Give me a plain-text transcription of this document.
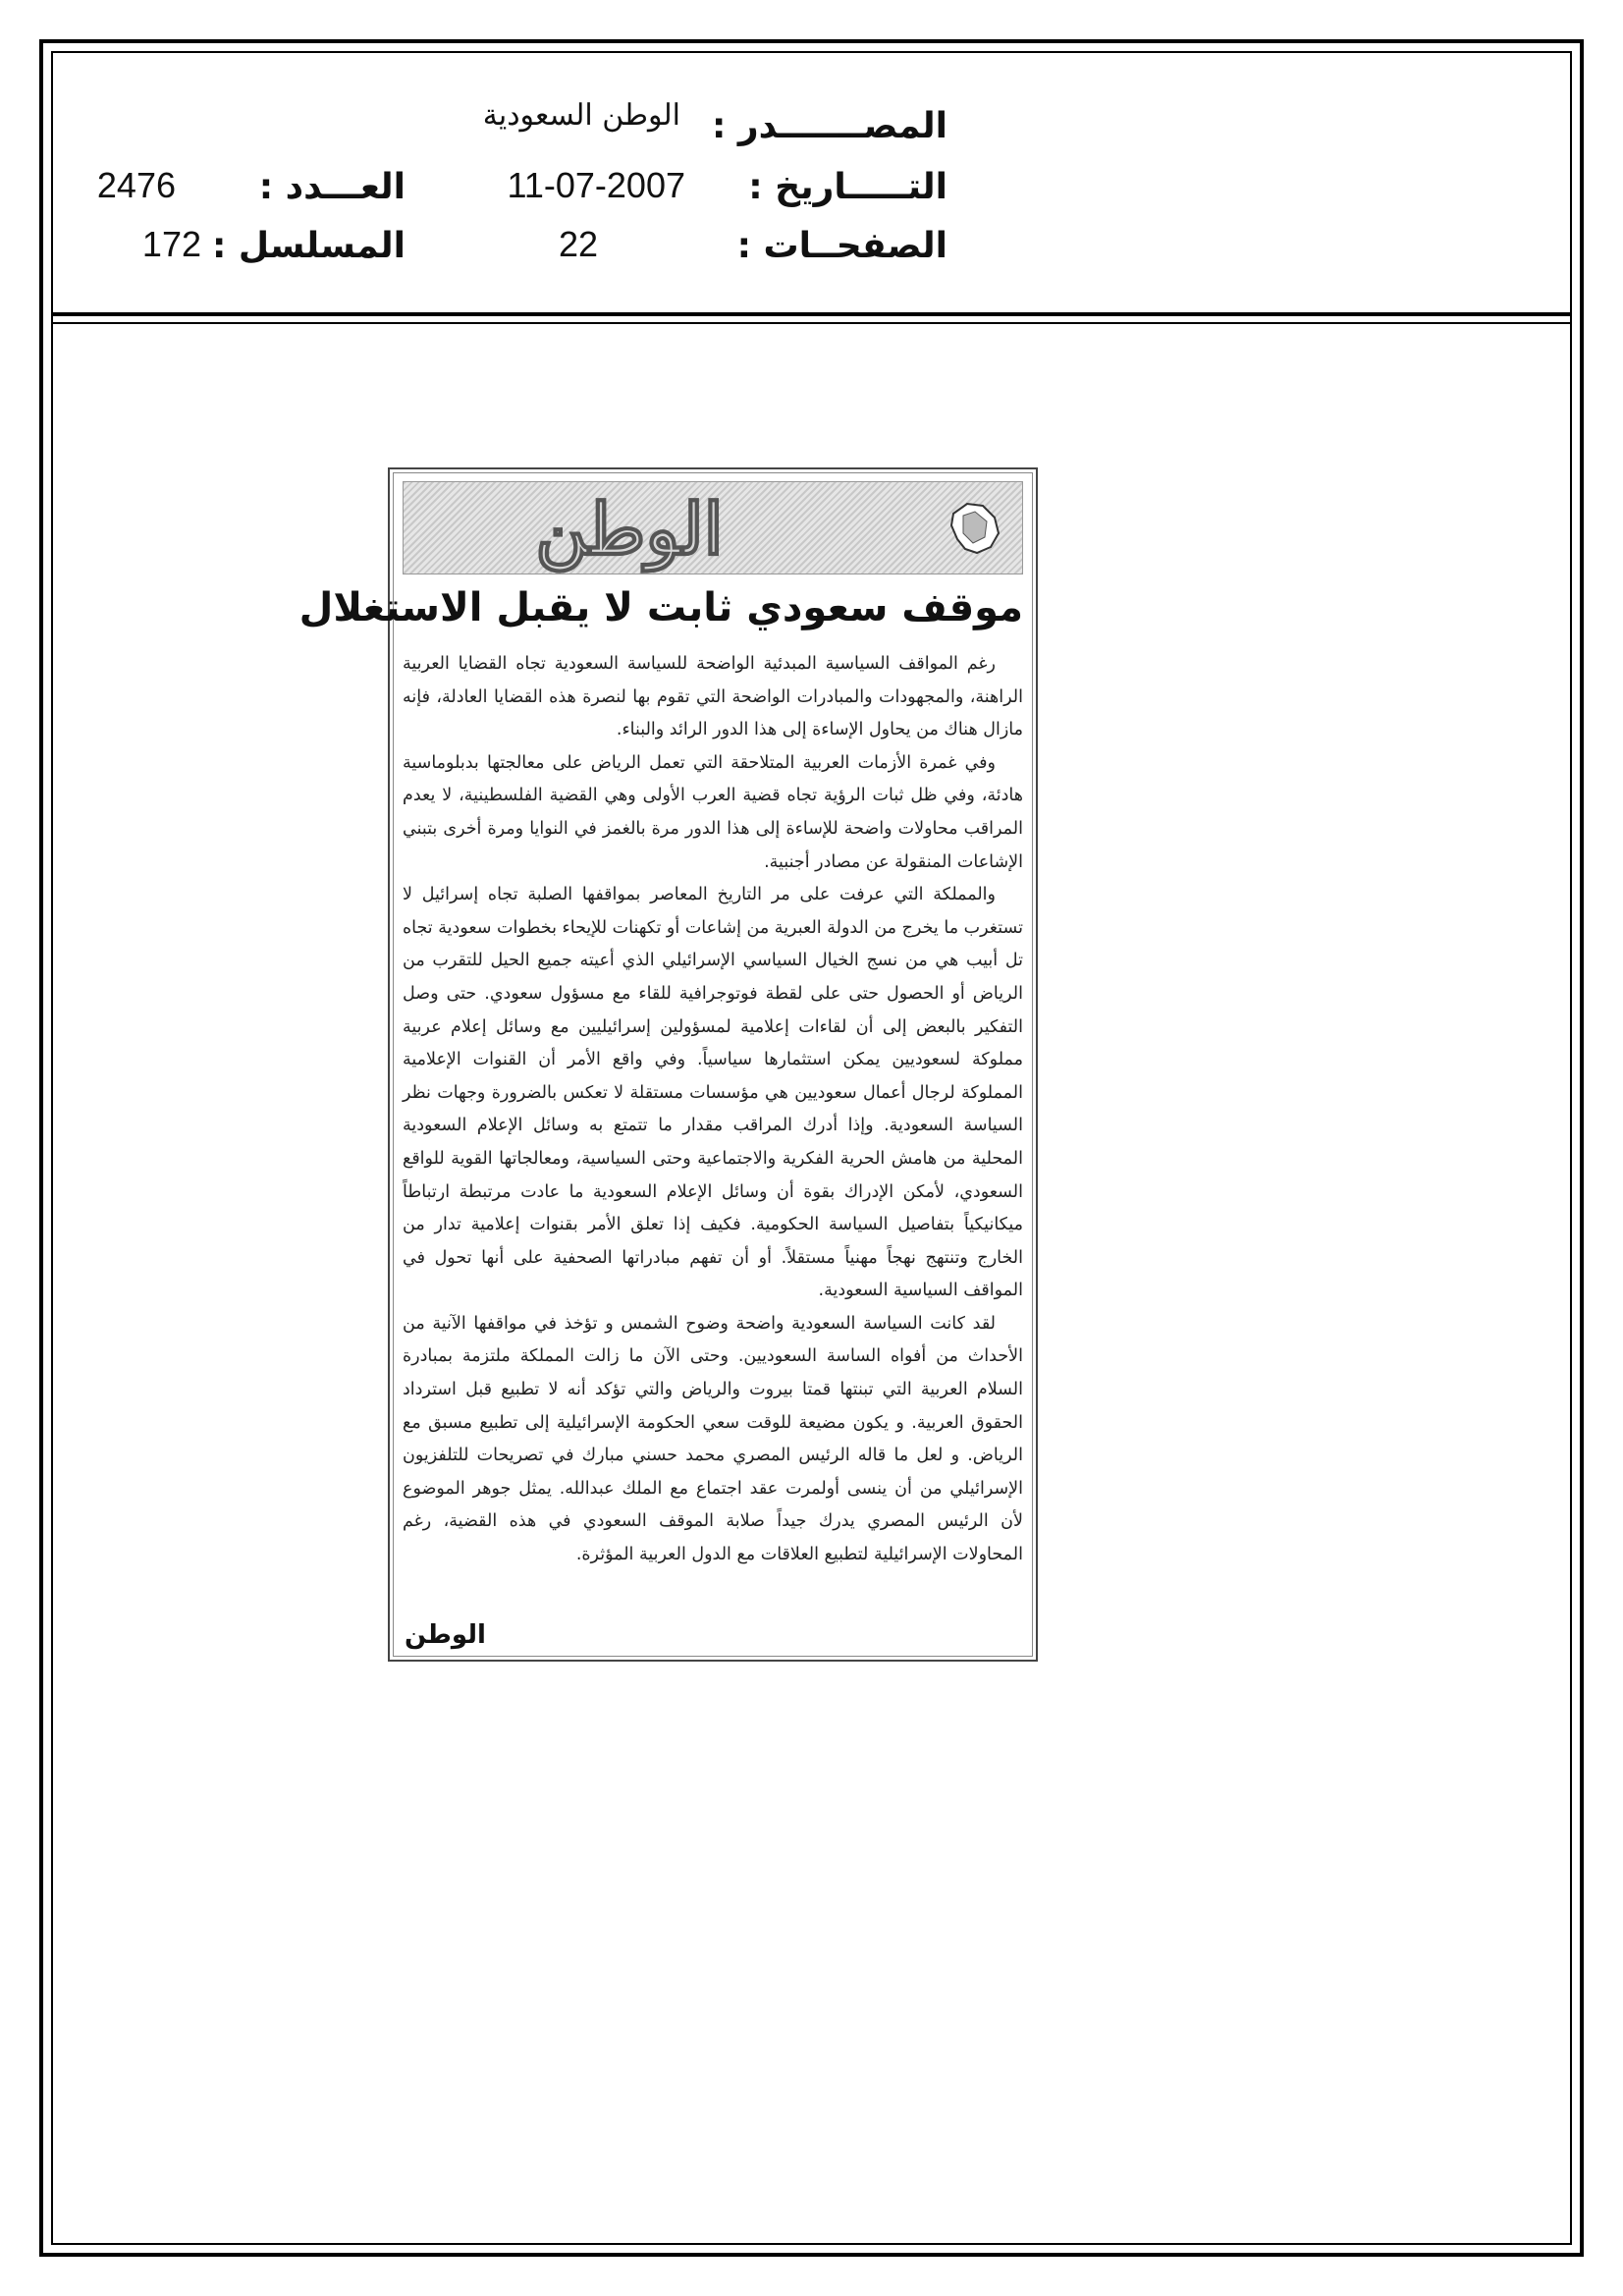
المصـــــــدر :
الوطن السعودية
التـــــاريخ :
11-07-2007
الصفحــات :
22
العـــدد :
2476
المسلسل :
172
الوطن
موقف سعودي ثابت لا يقبل الاستغلال

رغم المواقف السياسية المبدئية الواضحة للسياسة السعودية تجاه القضايا العربية الراهنة، والمجهودات والمبادرات الواضحة التي تقوم بها لنصرة هذه القضايا العادلة، فإنه مازال هناك من يحاول الإساءة إلى هذا الدور الرائد والبناء.

وفي غمرة الأزمات العربية المتلاحقة التي تعمل الرياض على معالجتها بدبلوماسية هادئة، وفي ظل ثبات الرؤية تجاه قضية العرب الأولى وهي القضية الفلسطينية، لا يعدم المراقب محاولات واضحة للإساءة إلى هذا الدور مرة بالغمز في النوايا ومرة أخرى بتبني الإشاعات المنقولة عن مصادر أجنبية.

والمملكة التي عرفت على مر التاريخ المعاصر بمواقفها الصلبة تجاه إسرائيل لا تستغرب ما يخرج من الدولة العبرية من إشاعات أو تكهنات للإيحاء بخطوات سعودية تجاه تل أبيب هي من نسج الخيال السياسي الإسرائيلي الذي أعيته جميع الحيل للتقرب من الرياض أو الحصول حتى على لقطة فوتوجرافية للقاء مع مسؤول سعودي. حتى وصل التفكير بالبعض إلى أن لقاءات إعلامية لمسؤولين إسرائيليين مع وسائل إعلام عربية مملوكة لسعوديين يمكن استثمارها سياسياً. وفي واقع الأمر أن القنوات الإعلامية المملوكة لرجال أعمال سعوديين هي مؤسسات مستقلة لا تعكس بالضرورة وجهات نظر السياسة السعودية. وإذا أدرك المراقب مقدار ما تتمتع به وسائل الإعلام السعودية المحلية من هامش الحرية الفكرية والاجتماعية وحتى السياسية، ومعالجاتها القوية للواقع السعودي، لأمكن الإدراك بقوة أن وسائل الإعلام السعودية ما عادت مرتبطة ارتباطاً ميكانيكياً بتفاصيل السياسة الحكومية. فكيف إذا تعلق الأمر بقنوات إعلامية تدار من الخارج وتنتهج نهجاً مهنياً مستقلاً. أو أن تفهم مبادراتها الصحفية على أنها تحول في المواقف السياسية السعودية.

لقد كانت السياسة السعودية واضحة وضوح الشمس و تؤخذ في مواقفها الآنية من الأحداث من أفواه الساسة السعوديين. وحتى الآن ما زالت المملكة ملتزمة بمبادرة السلام العربية التي تبنتها قمتا بيروت والرياض والتي تؤكد أنه لا تطبيع قبل استرداد الحقوق العربية. و يكون مضيعة للوقت سعي الحكومة الإسرائيلية إلى تطبيع مسبق مع الرياض. و لعل ما قاله الرئيس المصري محمد حسني مبارك في تصريحات للتلفزيون الإسرائيلي من أن ينسى أولمرت عقد اجتماع مع الملك عبدالله. يمثل جوهر الموضوع لأن الرئيس المصري يدرك جيداً صلابة الموقف السعودي في هذه القضية، رغم المحاولات الإسرائيلية لتطبيع العلاقات مع الدول العربية المؤثرة.

الوطن
